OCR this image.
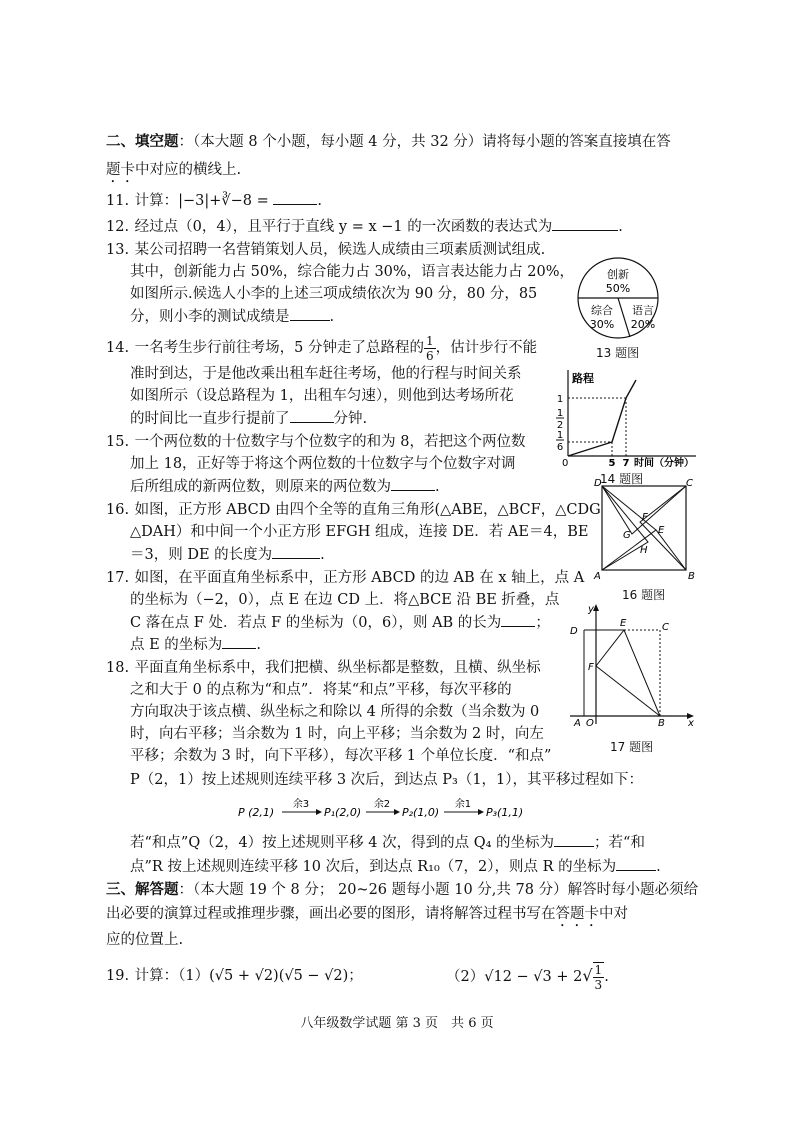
二、填空题：（本大题 8 个小题，每小题 4 分，共 32 分）请将每小题的答案直接填在答
题卡中对应的横线上.
11. 计算：|−3|+∛−8 =	.
12. 经过点（0，4），且平行于直线 y = x −1 的一次函数的表达式为	.
13. 某公司招聘一名营销策划人员，候选人成绩由三项素质测试组成.
其中，创新能力占 50%，综合能力占 30%，语言表达能力占 20%，
如图所示.候选人小李的上述三项成绩依次为 90 分，80 分，85
分，则小李的测试成绩是	.
创新
50%
综合
30%
语言
20%
13 题图
14. 一名考生步行前往考场，5 分钟走了总路程的 $\frac{1}{6}$ ，估计步行不能
准时到达，于是他改乘出租车赶往考场，他的行程与时间关系
如图所示（设总路程为 1，出租车匀速），则他到达考场所花
的时间比一直步行提前了	分钟.
路程
1
1
2
1
6
0	5 7 时间（分钟）
14 题图
15. 一个两位数的十位数字与个位数字的和为 8，若把这个两位数
加上 18，正好等于将这个两位数的十位数字与个位数字对调
后所组成的新两位数，则原来的两位数为	.
16. 如图，正方形 ABCD 由四个全等的直角三角形(△ABE，△BCF，△CDG
△DAH）和中间一个小正方形 EFGH 组成，连接 DE．若 AE＝4，BE
＝3，则 DE 的长度为	.
A	B
C
D
E
F
G
H
16 题图
17. 如图，在平面直角坐标系中，正方形 ABCD 的边 AB 在 x 轴上，点 A
的坐标为（−2，0），点 E 在边 CD 上．将△BCE 沿 BE 折叠，点
C 落在点 F 处．若点 F 的坐标为（0，6），则 AB 的长为 ；
点 E 的坐标为 .
y
x
A O	B
C
D
E
F
17 题图
18. 平面直角坐标系中，我们把横、纵坐标都是整数，且横、纵坐标
之和大于 0 的点称为“和点”．将某“和点”平移，每次平移的
方向取决于该点横、纵坐标之和除以 4 所得的余数（当余数为 0
时，向右平移；当余数为 1 时，向上平移；当余数为 2 时，向左
平移；余数为 3 时，向下平移），每次平移 1 个单位长度．“和点”
P（2，1）按上述规则连续平移 3 次后，到达点 P₃（1，1），其平移过程如下：
P (2,1)
余3
P₁(2,0)
余2
P₂(1,0)
余1
P₃(1,1)
若“和点”Q（2，4）按上述规则平移 4 次，得到的点 Q₄ 的坐标为	；若“和
点”R 按上述规则连续平移 10 次后，到达点 R₁₀（7，2），则点 R 的坐标为	.
三、解答题：（本大题 19 个 8 分； 20~26 题每小题 10 分,共 78 分）解答时每小题必须给
出必要的演算过程或推理步骤，画出必要的图形，请将解答过程书写在答题卡中对
应的位置上.
19. 计算：（1）(√5 + √2)(√5 − √2)；	$(2)√12 - √3 + 2√ \frac{1}{3}$ .
八年级数学试题 第 3 页　共 6 页
